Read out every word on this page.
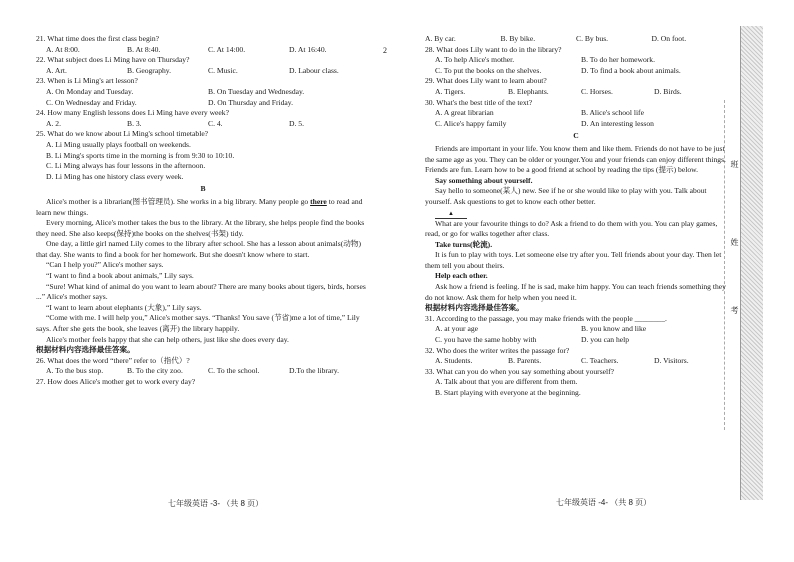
班
姓
考
2
21. What time does the first class begin?
A. At 8:00.	B. At 8:40.	C. At 14:00.	D. At 16:40.
22. What subject does Li Ming have on Thursday?
A. Art.	B. Geography.	C. Music.	D. Labour class.
23. When is Li Ming's art lesson?
A. On Monday and Tuesday.	B. On Tuesday and Wednesday.
C. On Wednesday and Friday.	D. On Thursday and Friday.
24. How many English lessons does Li Ming have every week?
A. 2.	B. 3.	C. 4.	D. 5.
25. What do we know about Li Ming's school timetable?
A. Li Ming usually plays football on weekends.
B. Li Ming's sports time in the morning is from 9:30 to 10:10.
C. Li Ming always has four lessons in the afternoon.
D. Li Ming has one history class every week.
B
Alice's mother is a librarian(图书管理员). She works in a big library. Many people go there to read and learn new things.
Every morning, Alice's mother takes the bus to the library. At the library, she helps people find the books they need. She also keeps(保持)the books on the shelves(书架) tidy.
One day, a little girl named Lily comes to the library after school. She has a lesson about animals(动物) that day. She wants to find a book for her homework. But she doesn't know where to start.
“Can I help you?” Alice's mother says.
“I want to find a book about animals,” Lily says.
“Sure! What kind of animal do you want to learn about? There are many books about tigers, birds, horses ...” Alice's mother says.
“I want to learn about elephants (大象),” Lily says.
“Come with me. I will help you,” Alice's mother says. “Thanks! You save (节省)me a lot of time,” Lily says. After she gets the book, she leaves (离开) the library happily.
Alice's mother feels happy that she can help others, just like she does every day.
根据材料内容选择最佳答案。
26. What does the word “there” refer to（指代）?
A. To the bus stop.	B. To the city zoo.	C. To the school.	D.To the library.
27. How does Alice's mother get to work every day?
七年级英语 -3- （共 8 页）
A. By car.	B. By bike.	C. By bus.	D. On foot.
28. What does Lily want to do in the library?
A. To help Alice's mother.	B. To do her homework.
C. To put the books on the shelves.	D. To find a book about animals.
29. What does Lily want to learn about?
A. Tigers.	B. Elephants.	C. Horses.	D. Birds.
30. What's the best title of the text?
A. A great librarian	B. Alice's school life
C. Alice's happy family	D. An interesting lesson
C
Friends are important in your life. You know them and like them. Friends do not have to be just the same age as you. They can be older or younger.You and your friends can enjoy different things. Friends are fun. Learn how to be a good friend at school by reading the tips (提示) below.
Say something about yourself.
Say hello to someone(某人) new. See if he or she would like to play with you. Talk about yourself. Ask questions to get to know each other better.
▲
What are your favourite things to do? Ask a friend to do them with you. You can play games, read, or go for walks together after class.
Take turns(轮流).
It is fun to play with toys. Let someone else try after you. Tell friends about your day. Then let them tell you about theirs.
Help each other.
Ask how a friend is feeling. If he is sad, make him happy. You can teach friends something they do not know. Ask them for help when you need it.
根据材料内容选择最佳答案。
31. According to the passage, you may make friends with the people ________.
A. at your age	B. you know and like
C. you have the same hobby with	D. you can help
32. Who does the writer writes the passage for?
A. Students.	B. Parents.	C. Teachers.	D. Visitors.
33. What can you do when you say something about yourself?
A. Talk about that you are different from them.
B. Start playing with everyone at the beginning.
七年级英语 -4- （共 8 页）
